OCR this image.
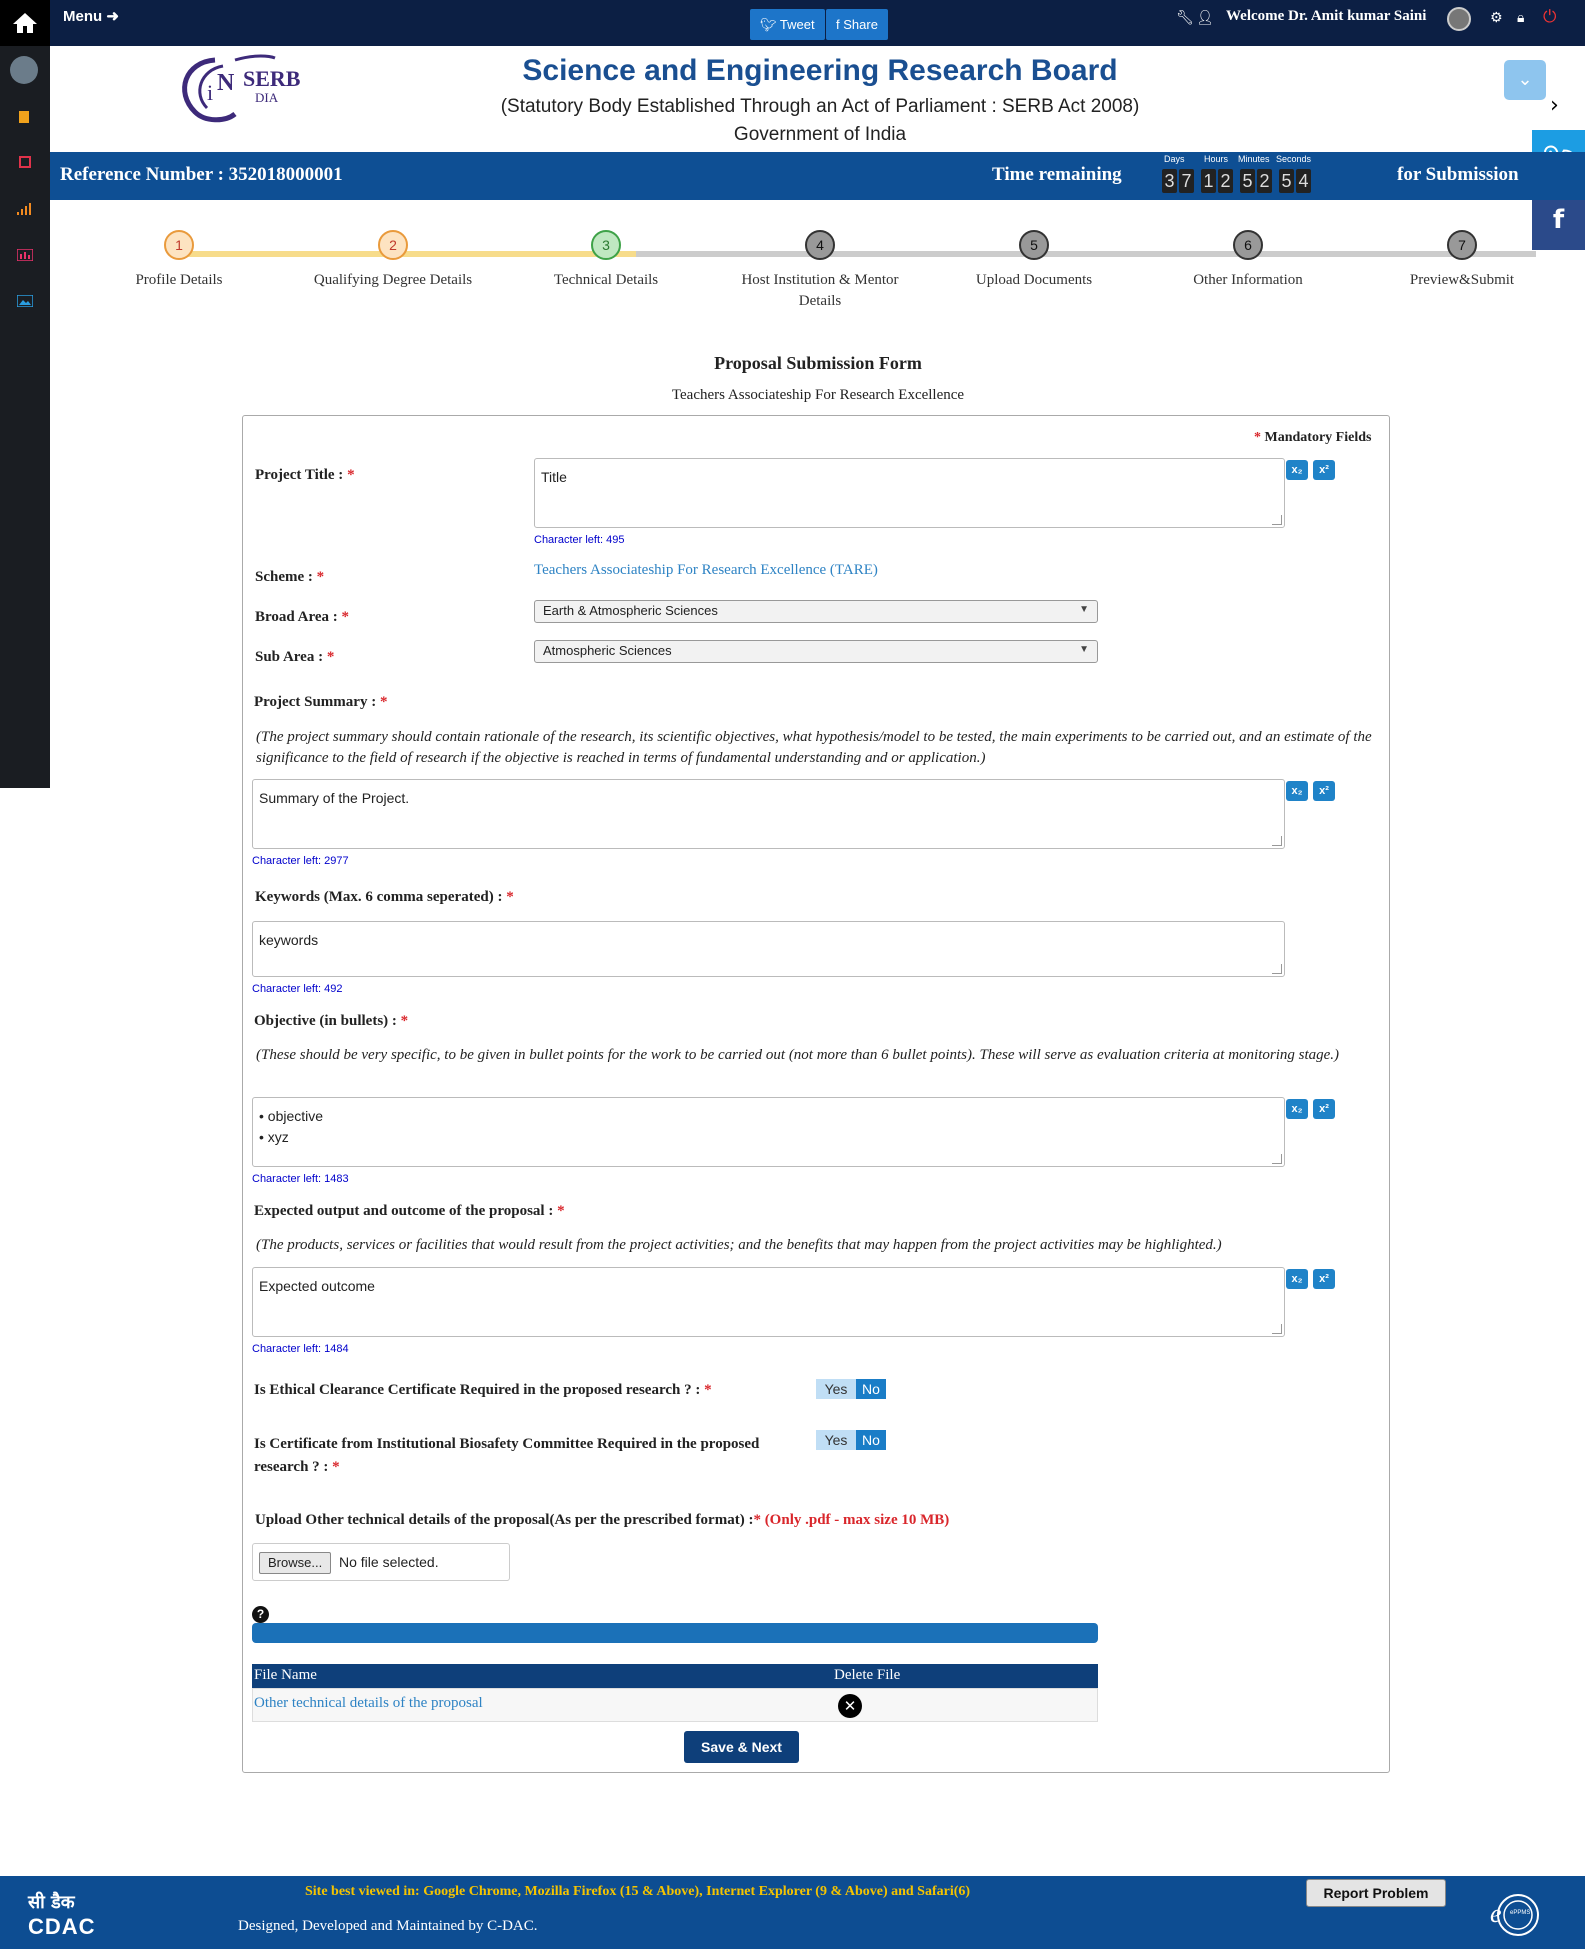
Menu ➜	🐦︎ Tweet	f Share	🔧︎ 👤︎ Welcome Dr. Amit kumar Saini	⚙ 🔒︎ ⏻
i N SERB
DIA
Science and Engineering Research Board
(Statutory Body Established Through an Act of Parliament : SERB Act 2008)
Government of India
⌄
›
f
Reference Number : 352018000001	Time remaining
Days Hours Minutes Seconds
3 7 1 2 5 2 5 4	for Submission
1
Profile Details
2
Qualifying Degree Details
3
Technical Details
4
Host Institution & Mentor Details
5
Upload Documents
6
Other Information
7
Preview&Submit
Proposal Submission Form
Teachers Associateship For Research Excellence
* Mandatory Fields
Project Title : *	Title	x₂	x²
Character left: 495
Scheme : *	Teachers Associateship For Research Excellence (TARE)
Broad Area : *	Earth & Atmospheric Sciences	▼
Sub Area : *	Atmospheric Sciences	▼
Project Summary : *
(The project summary should contain rationale of the research, its scientific objectives, what hypothesis/model to be tested, the main experiments to be carried out, and an estimate of the significance to the field of research if the objective is reached in terms of fundamental understanding and or application.)
Summary of the Project.	x₂	x²
Character left: 2977
Keywords (Max. 6 comma seperated) : *
keywords
Character left: 492
Objective (in bullets) : *
(These should be very specific, to be given in bullet points for the work to be carried out (not more than 6 bullet points). These will serve as evaluation criteria at monitoring stage.)
• objective
• xyz
x₂	x²
Character left: 1483
Expected output and outcome of the proposal : *
(The products, services or facilities that would result from the project activities; and the benefits that may happen from the project activities may be highlighted.)
Expected outcome	x₂	x²
Character left: 1484
Is Ethical Clearance Certificate Required in the proposed research ? : *	Yes	No
Is Certificate from Institutional Biosafety Committee Required in the proposed research ? : *
Yes	No
Upload Other technical details of the proposal(As per the prescribed format) :* (Only .pdf - max size 10 MB)
Browse...	No file selected.
?
File Name	Delete File
Other technical details of the proposal	✕
Save & Next
सी डैक
CDAC
Site best viewed in: Google Chrome, Mozilla Firefox (15 & Above), Internet Explorer (9 & Above) and Safari(6)
Designed, Developed and Maintained by C-DAC.
Report Problem
e ePPMS
